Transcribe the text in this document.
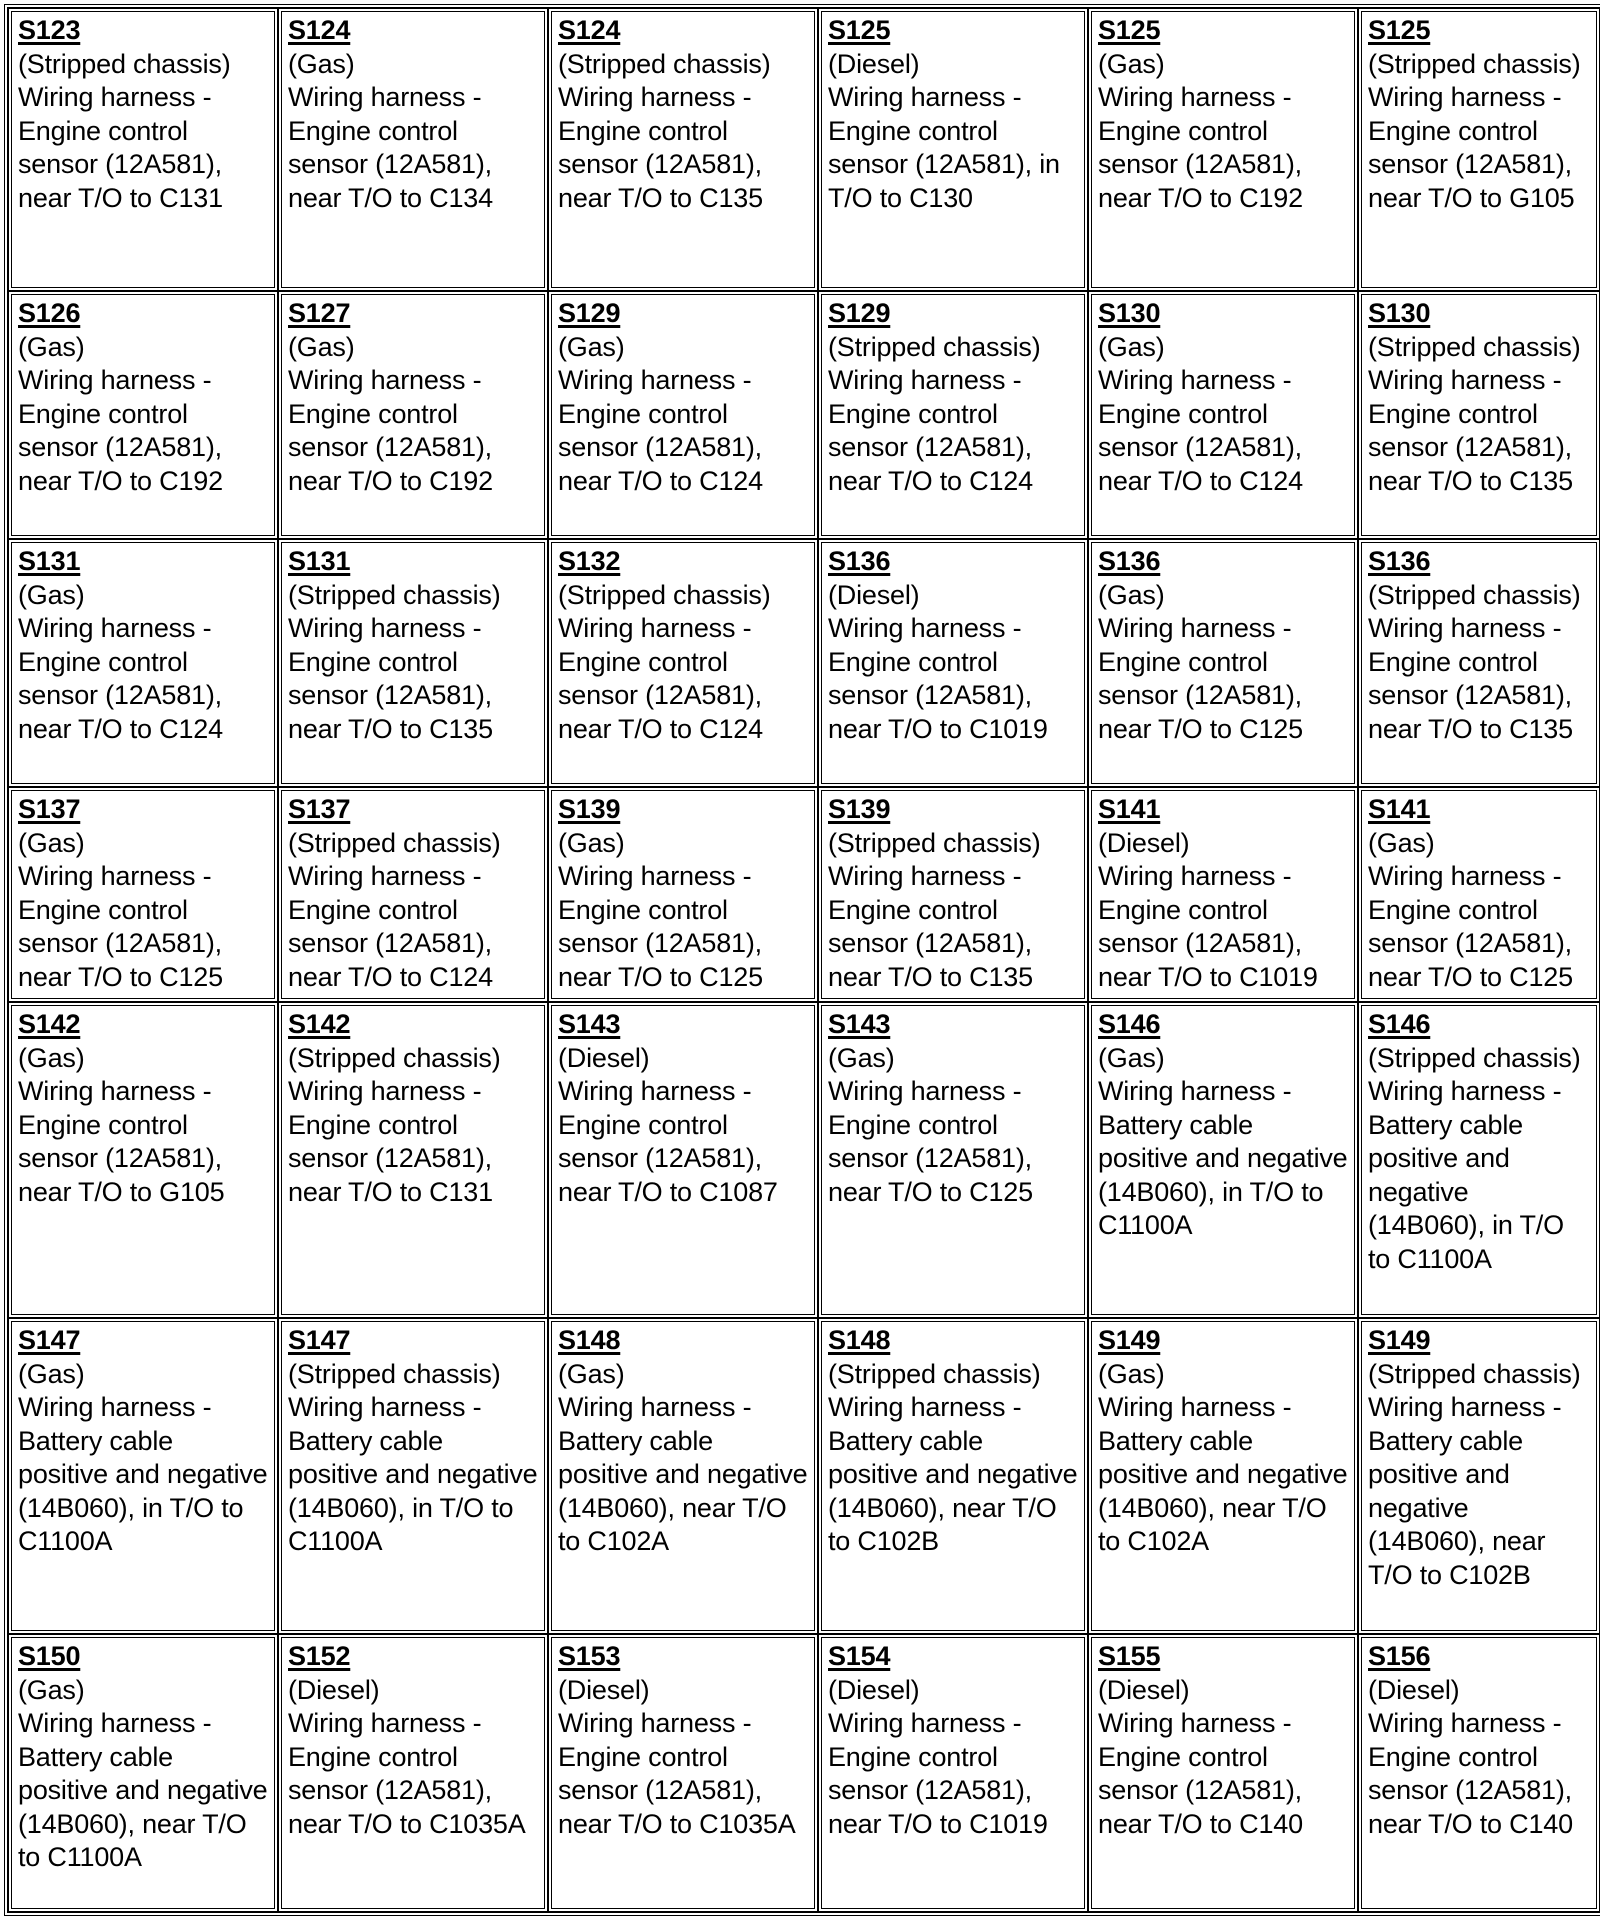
S123
(Stripped chassis)
Wiring harness - Engine control sensor (12A581), near T/O to C131	S124
(Gas)
Wiring harness - Engine control sensor (12A581), near T/O to C134	S124
(Stripped chassis)
Wiring harness - Engine control sensor (12A581), near T/O to C135	S125
(Diesel)
Wiring harness - Engine control sensor (12A581), in T/O to C130	S125
(Gas)
Wiring harness - Engine control sensor (12A581), near T/O to C192	S125
(Stripped chassis)
Wiring harness - Engine control sensor (12A581), near T/O to G105

S126
(Gas)
Wiring harness - Engine control sensor (12A581), near T/O to C192	S127
(Gas)
Wiring harness - Engine control sensor (12A581), near T/O to C192	S129
(Gas)
Wiring harness - Engine control sensor (12A581), near T/O to C124	S129
(Stripped chassis)
Wiring harness - Engine control sensor (12A581), near T/O to C124	S130
(Gas)
Wiring harness - Engine control sensor (12A581), near T/O to C124	S130
(Stripped chassis)
Wiring harness - Engine control sensor (12A581), near T/O to C135

S131
(Gas)
Wiring harness - Engine control sensor (12A581), near T/O to C124	S131
(Stripped chassis)
Wiring harness - Engine control sensor (12A581), near T/O to C135	S132
(Stripped chassis)
Wiring harness - Engine control sensor (12A581), near T/O to C124	S136
(Diesel)
Wiring harness - Engine control sensor (12A581), near T/O to C1019	S136
(Gas)
Wiring harness - Engine control sensor (12A581), near T/O to C125	S136
(Stripped chassis)
Wiring harness - Engine control sensor (12A581), near T/O to C135

S137
(Gas)
Wiring harness - Engine control sensor (12A581), near T/O to C125	S137
(Stripped chassis)
Wiring harness - Engine control sensor (12A581), near T/O to C124	S139
(Gas)
Wiring harness - Engine control sensor (12A581), near T/O to C125	S139
(Stripped chassis)
Wiring harness - Engine control sensor (12A581), near T/O to C135	S141
(Diesel)
Wiring harness - Engine control sensor (12A581), near T/O to C1019	S141
(Gas)
Wiring harness - Engine control sensor (12A581), near T/O to C125

S142
(Gas)
Wiring harness - Engine control sensor (12A581), near T/O to G105	S142
(Stripped chassis)
Wiring harness - Engine control sensor (12A581), near T/O to C131	S143
(Diesel)
Wiring harness - Engine control sensor (12A581), near T/O to C1087	S143
(Gas)
Wiring harness - Engine control sensor (12A581), near T/O to C125	S146
(Gas)
Wiring harness - Battery cable positive and negative (14B060), in T/O to C1100A	S146
(Stripped chassis)
Wiring harness - Battery cable positive and negative (14B060), in T/O to C1100A

S147
(Gas)
Wiring harness - Battery cable positive and negative (14B060), in T/O to C1100A	S147
(Stripped chassis)
Wiring harness - Battery cable positive and negative (14B060), in T/O to C1100A	S148
(Gas)
Wiring harness - Battery cable positive and negative (14B060), near T/O to C102A	S148
(Stripped chassis)
Wiring harness - Battery cable positive and negative (14B060), near T/O to C102B	S149
(Gas)
Wiring harness - Battery cable positive and negative (14B060), near T/O to C102A	S149
(Stripped chassis)
Wiring harness - Battery cable positive and negative (14B060), near T/O to C102B

S150
(Gas)
Wiring harness - Battery cable positive and negative (14B060), near T/O to C1100A	S152
(Diesel)
Wiring harness - Engine control sensor (12A581), near T/O to C1035A	S153
(Diesel)
Wiring harness - Engine control sensor (12A581), near T/O to C1035A	S154
(Diesel)
Wiring harness - Engine control sensor (12A581), near T/O to C1019	S155
(Diesel)
Wiring harness - Engine control sensor (12A581), near T/O to C140	S156
(Diesel)
Wiring harness - Engine control sensor (12A581), near T/O to C140
